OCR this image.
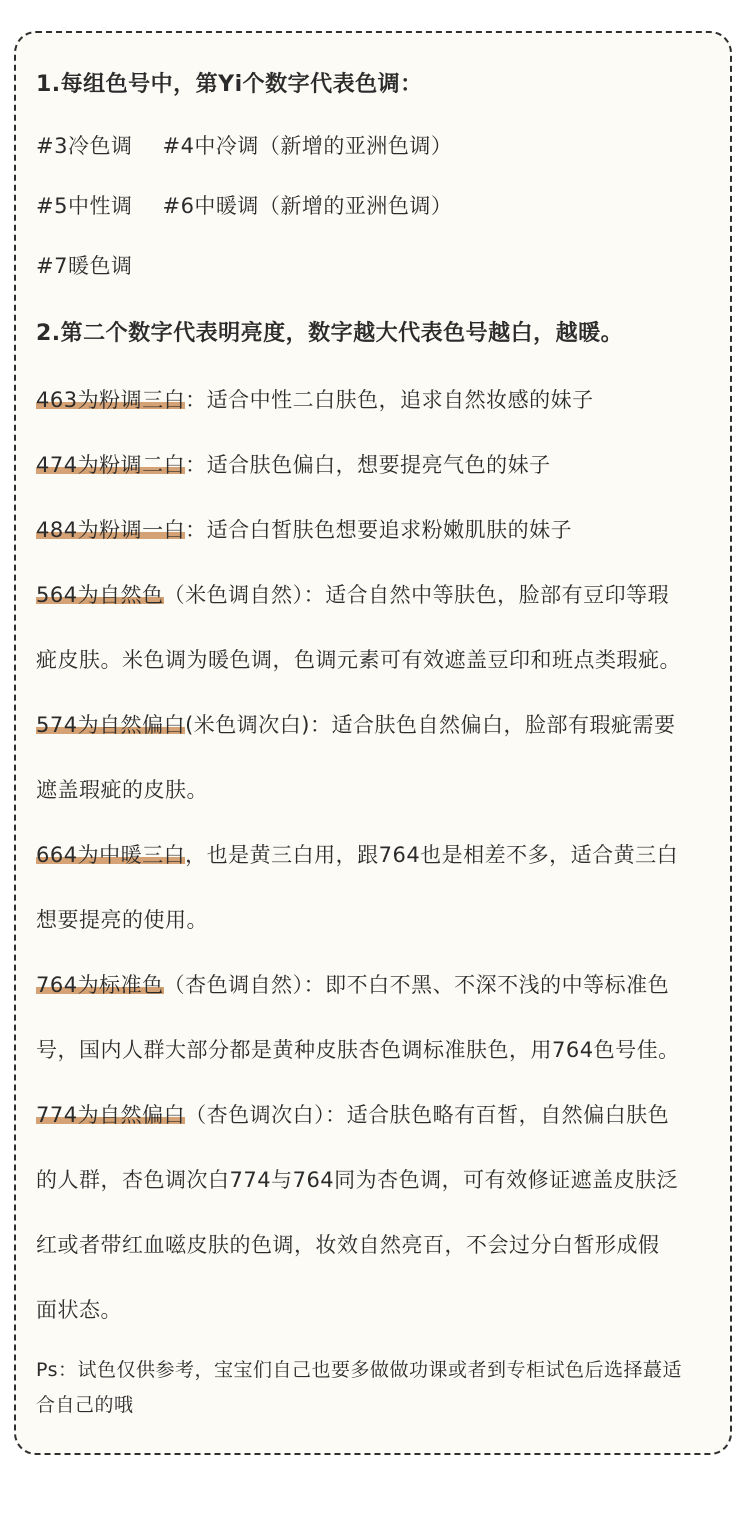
1.每组色号中，第Yi个数字代表色调：
#3冷色调 #4中冷调（新增的亚洲色调）
#5中性调 #6中暖调（新增的亚洲色调）
#7暖色调
2.第二个数字代表明亮度，数字越大代表色号越白，越暖。
463为粉调三白：适合中性二白肤色，追求自然妆感的妹子
474为粉调二白：适合肤色偏白，想要提亮气色的妹子
484为粉调一白：适合白皙肤色想要追求粉嫩肌肤的妹子
564为自然色（米色调自然）：适合自然中等肤色，脸部有豆印等瑕
疵皮肤。米色调为暖色调，色调元素可有效遮盖豆印和班点类瑕疵。
574为自然偏白(米色调次白)：适合肤色自然偏白，脸部有瑕疵需要
遮盖瑕疵的皮肤。
664为中暖三白，也是黄三白用，跟764也是相差不多，适合黄三白
想要提亮的使用。
764为标准色（杏色调自然）：即不白不黑、不深不浅的中等标准色
号，国内人群大部分都是黄种皮肤杏色调标准肤色，用764色号佳。
774为自然偏白（杏色调次白）：适合肤色略有百皙，自然偏白肤色
的人群，杏色调次白774与764同为杏色调，可有效修证遮盖皮肤泛
红或者带红血嗞皮肤的色调，妆效自然亮百，不会过分白皙形成假
面状态。
Ps：试色仅供参考，宝宝们自己也要多做做功课或者到专柜试色后选择蕞适
合自己的哦
